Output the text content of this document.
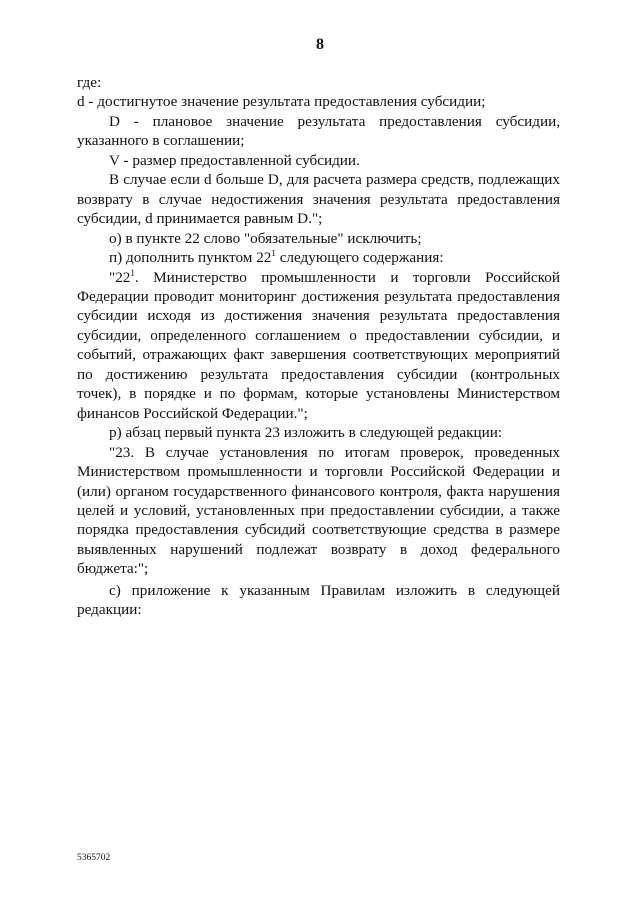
8

где:

d - достигнутое значение результата предоставления субсидии;

D - плановое значение результата предоставления субсидии, указанного в соглашении;

V - размер предоставленной субсидии.

В случае если d больше D, для расчета размера средств, подлежащих возврату в случае недостижения значения результата предоставления субсидии, d принимается равным D.";

о) в пункте 22 слово "обязательные" исключить;

п) дополнить пунктом $22^1$ следующего содержания:

"$22^1$. Министерство промышленности и торговли Российской Федерации проводит мониторинг достижения результата предоставления субсидии исходя из достижения значения результата предоставления субсидии, определенного соглашением о предоставлении субсидии, и событий, отражающих факт завершения соответствующих мероприятий по достижению результата предоставления субсидии (контрольных точек), в порядке и по формам, которые установлены Министерством финансов Российской Федерации.";

р) абзац первый пункта 23 изложить в следующей редакции:

"23. В случае установления по итогам проверок, проведенных Министерством промышленности и торговли Российской Федерации и (или) органом государственного финансового контроля, факта нарушения целей и условий, установленных при предоставлении субсидии, а также порядка предоставления субсидий соответствующие средства в размере выявленных нарушений подлежат возврату в доход федерального бюджета:";

с) приложение к указанным Правилам изложить в следующей редакции:

5365702
